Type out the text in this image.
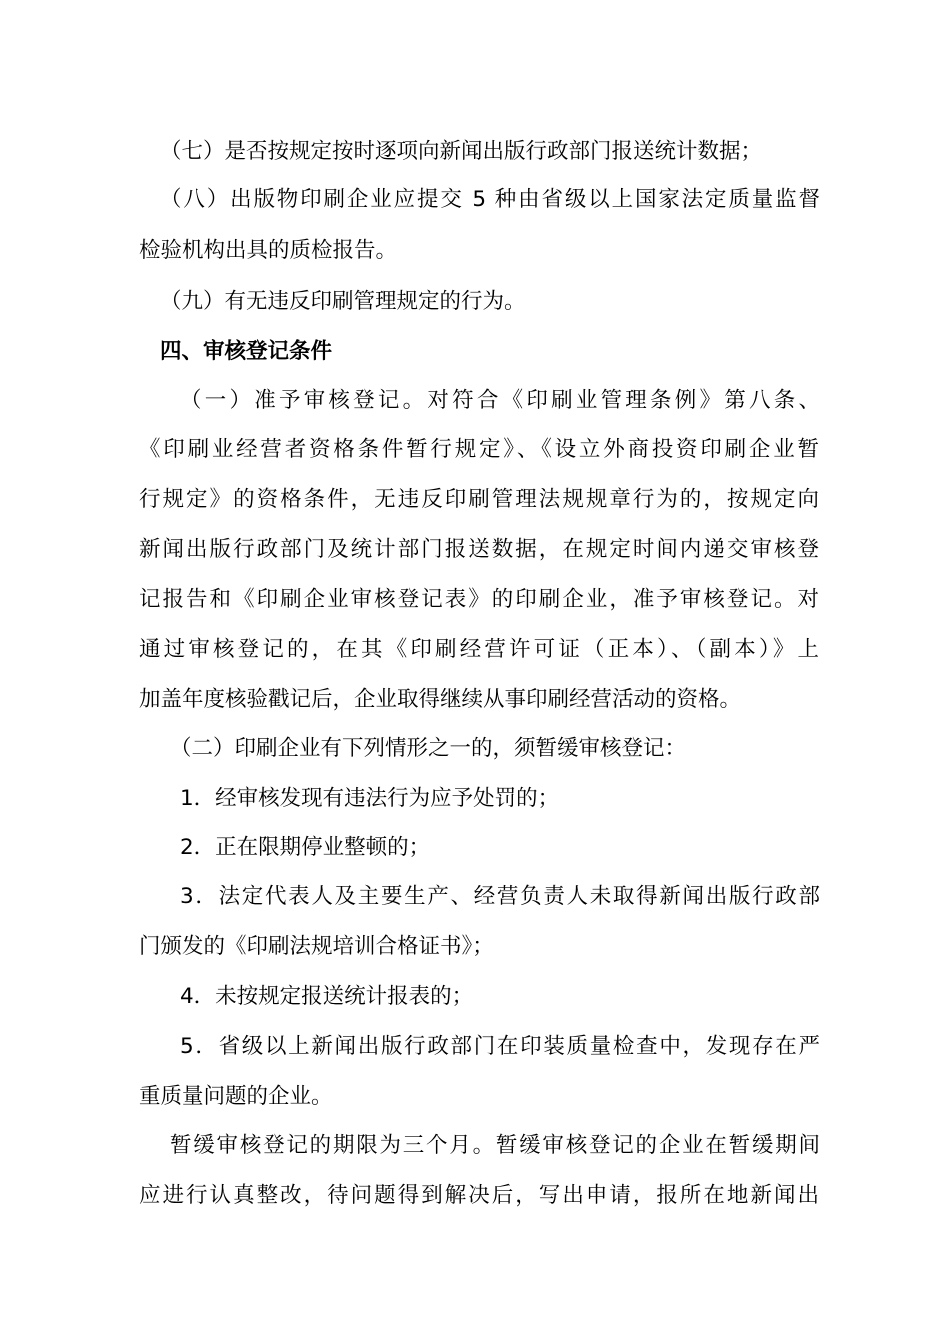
（七）是否按规定按时逐项向新闻出版行政部门报送统计数据；
（八）出版物印刷企业应提交 5 种由省级以上国家法定质量监督
检验机构出具的质检报告。
（九）有无违反印刷管理规定的行为。
四、审核登记条件
（一）准予审核登记。对符合《印刷业管理条例》第八条、
《印刷业经营者资格条件暂行规定》、《设立外商投资印刷企业暂
行规定》的资格条件，无违反印刷管理法规规章行为的，按规定向
新闻出版行政部门及统计部门报送数据，在规定时间内递交审核登
记报告和《印刷企业审核登记表》的印刷企业，准予审核登记。对
通过审核登记的，在其《印刷经营许可证（正本）、（副本）》上
加盖年度核验戳记后，企业取得继续从事印刷经营活动的资格。
（二）印刷企业有下列情形之一的，须暂缓审核登记：
1．经审核发现有违法行为应予处罚的；
2．正在限期停业整顿的；
3．法定代表人及主要生产、经营负责人未取得新闻出版行政部
门颁发的《印刷法规培训合格证书》；
4．未按规定报送统计报表的；
5．省级以上新闻出版行政部门在印装质量检查中，发现存在严
重质量问题的企业。
暂缓审核登记的期限为三个月。暂缓审核登记的企业在暂缓期间
应进行认真整改，待问题得到解决后，写出申请，报所在地新闻出
